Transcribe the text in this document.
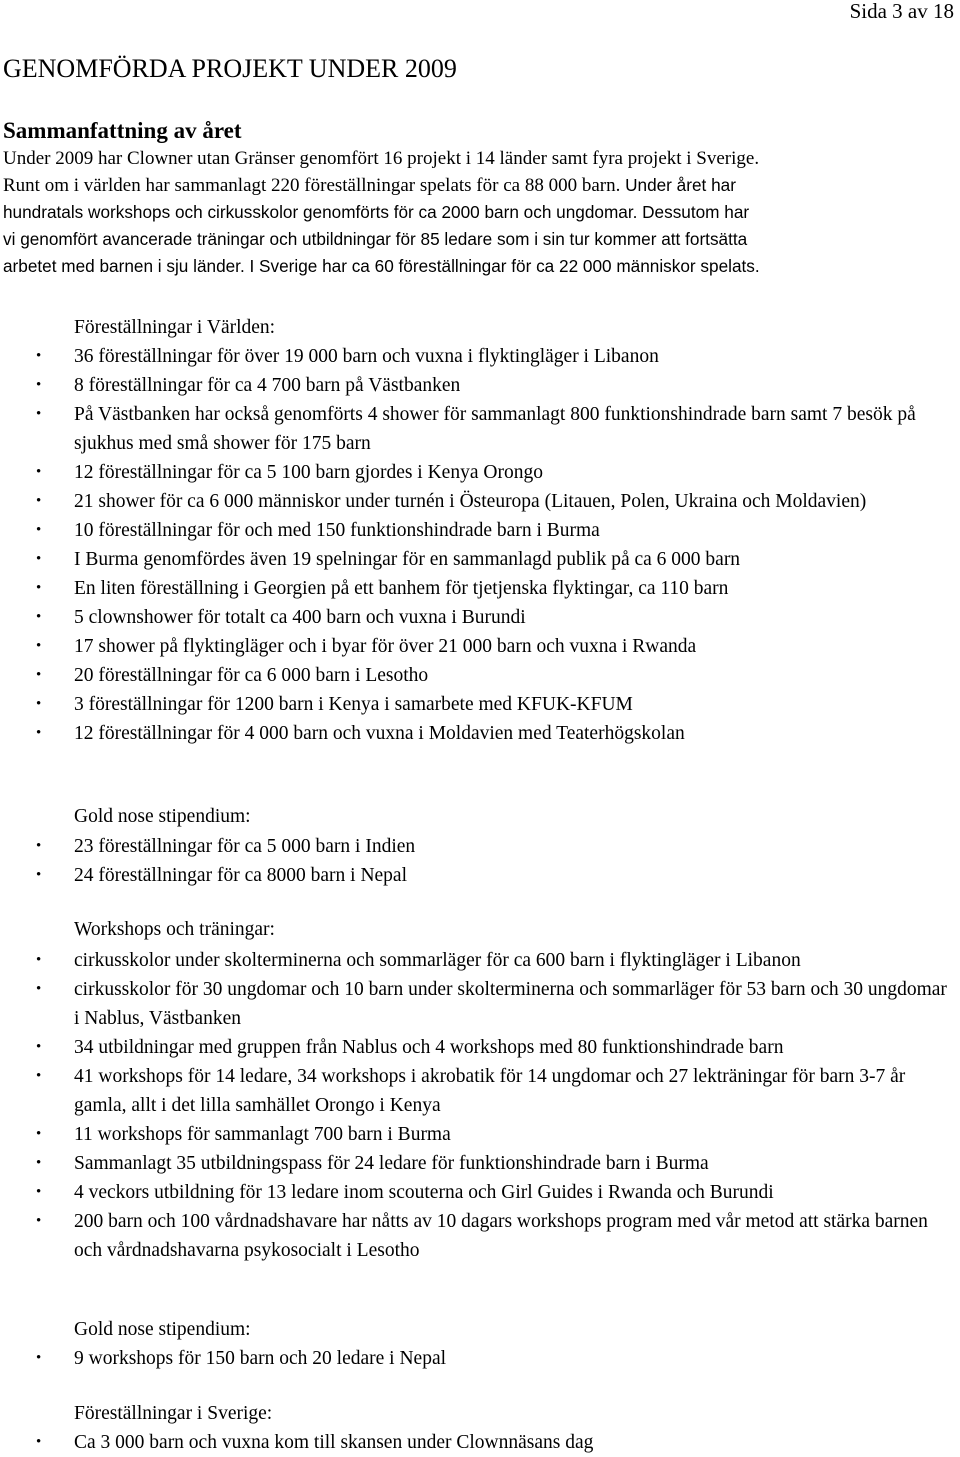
Sida 3 av 18
GENOMFÖRDA PROJEKT UNDER 2009
Sammanfattning av året

Under 2009 har Clowner utan Gränser genomfört 16 projekt i 14 länder samt fyra projekt i Sverige.
Runt om i världen har sammanlagt 220 föreställningar spelats för ca 88 000 barn. Under året har
hundratals workshops och cirkusskolor genomförts för ca 2000 barn och ungdomar. Dessutom har
vi genomfört avancerade träningar och utbildningar för 85 ledare som i sin tur kommer att fortsätta
arbetet med barnen i sju länder. I Sverige har ca 60 föreställningar för ca 22 000 människor spelats.

Föreställningar i Världen:
• 36 föreställningar för över 19 000 barn och vuxna i flyktingläger i Libanon
• 8 föreställningar för ca 4 700 barn på Västbanken
• På Västbanken har också genomförts 4 shower för sammanlagt 800 funktionshindrade barn samt 7 besök på sjukhus med små shower för 175 barn
• 12 föreställningar för ca 5 100 barn gjordes i Kenya Orongo
• 21 shower för ca 6 000 människor under turnén i Östeuropa (Litauen, Polen, Ukraina och Moldavien)
• 10 föreställningar för och med 150 funktionshindrade barn i Burma
• I Burma genomfördes även 19 spelningar för en sammanlagd publik på ca 6 000 barn
• En liten föreställning i Georgien på ett banhem för tjetjenska flyktingar, ca 110 barn
• 5 clownshower för totalt ca 400 barn och vuxna i Burundi
• 17 shower på flyktingläger och i byar för över 21 000 barn och vuxna i Rwanda
• 20 föreställningar för ca 6 000 barn i Lesotho
• 3 föreställningar för 1200 barn i Kenya i samarbete med KFUK-KFUM
• 12 föreställningar för 4 000 barn och vuxna i Moldavien med Teaterhögskolan
Gold nose stipendium:
• 23 föreställningar för ca 5 000 barn i Indien
• 24 föreställningar för ca 8000 barn i Nepal
Workshops och träningar:
• cirkusskolor under skolterminerna och sommarläger för ca 600 barn i flyktingläger i Libanon
• cirkusskolor för 30 ungdomar och 10 barn under skolterminerna och sommarläger för 53 barn och 30 ungdomar i Nablus, Västbanken
• 34 utbildningar med gruppen från Nablus och 4 workshops med 80 funktionshindrade barn
• 41 workshops för 14 ledare, 34 workshops i akrobatik för 14 ungdomar och 27 lekträningar för barn 3-7 år gamla, allt i det lilla samhället Orongo i Kenya
• 11 workshops för sammanlagt 700 barn i Burma
• Sammanlagt 35 utbildningspass för 24 ledare för funktionshindrade barn i Burma
• 4 veckors utbildning för 13 ledare inom scouterna och Girl Guides i Rwanda och Burundi
• 200 barn och 100 vårdnadshavare har nåtts av 10 dagars workshops program med vår metod att stärka barnen och vårdnadshavarna psykosocialt i Lesotho
Gold nose stipendium:
• 9 workshops för 150 barn och 20 ledare i Nepal
Föreställningar i Sverige:
• Ca 3 000 barn och vuxna kom till skansen under Clownnäsans dag
